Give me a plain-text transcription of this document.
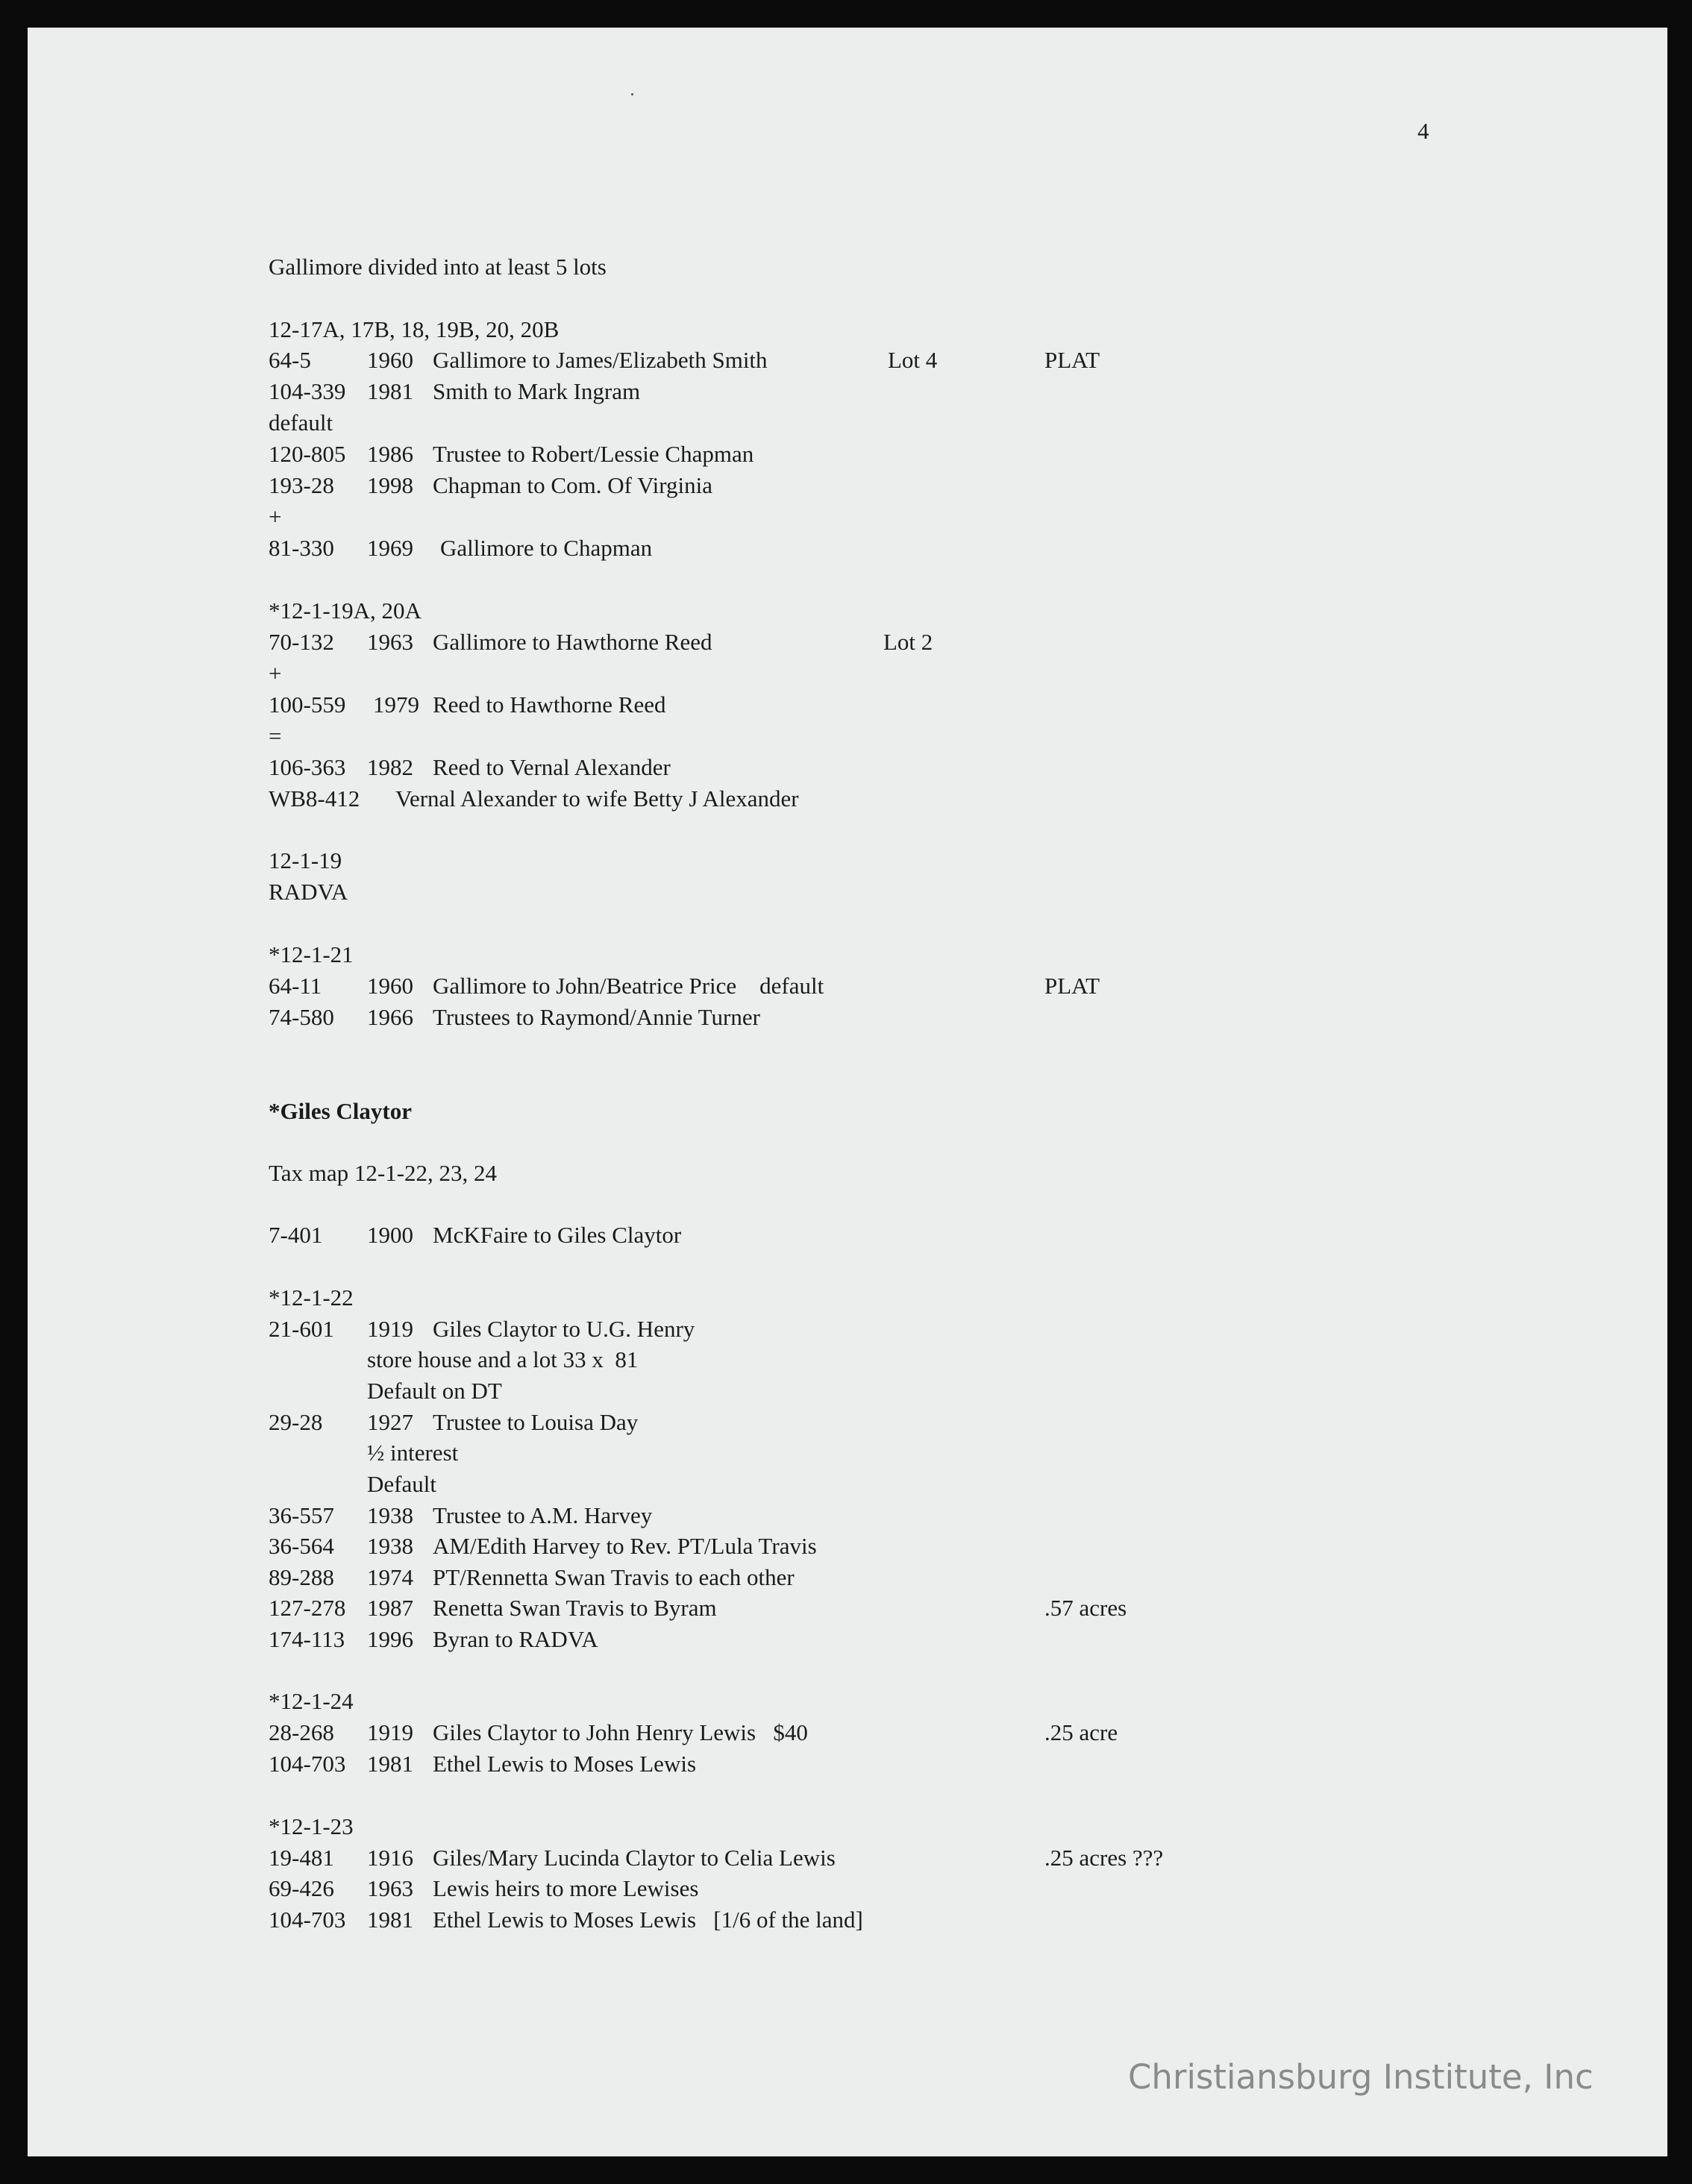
4
Gallimore divided into at least 5 lots
12-17A, 17B, 18, 19B, 20, 20B
64-5 1960 Gallimore to James/Elizabeth Smith	Lot 4	PLAT
104-339 1981 Smith to Mark Ingram
default
120-805 1986 Trustee to Robert/Lessie Chapman
193-28 1998 Chapman to Com. Of Virginia
+
81-330 1969 Gallimore to Chapman
*12-1-19A, 20A
70-132 1963 Gallimore to Hawthorne Reed	Lot 2
+
100-559 1979 Reed to Hawthorne Reed
=
106-363 1982 Reed to Vernal Alexander
WB8-412 Vernal Alexander to wife Betty J Alexander
12-1-19
RADVA
*12-1-21
64-11 1960 Gallimore to John/Beatrice Price    default	PLAT
74-580 1966 Trustees to Raymond/Annie Turner
*Giles Claytor
Tax map 12-1-22, 23, 24
7-401 1900 McKFaire to Giles Claytor
*12-1-22
21-601 1919 Giles Claytor to U.G. Henry
store house and a lot 33 x  81
Default on DT
29-28 1927 Trustee to Louisa Day
½ interest
Default
36-557 1938 Trustee to A.M. Harvey
36-564 1938 AM/Edith Harvey to Rev. PT/Lula Travis
89-288 1974 PT/Rennetta Swan Travis to each other
127-278 1987 Renetta Swan Travis to Byram	.57 acres
174-113 1996 Byran to RADVA
*12-1-24
28-268 1919 Giles Claytor to John Henry Lewis   $40	.25 acre
104-703 1981 Ethel Lewis to Moses Lewis
*12-1-23
19-481 1916 Giles/Mary Lucinda Claytor to Celia Lewis	.25 acres ???
69-426 1963 Lewis heirs to more Lewises
104-703 1981 Ethel Lewis to Moses Lewis   [1/6 of the land]
Christiansburg Institute, Inc
